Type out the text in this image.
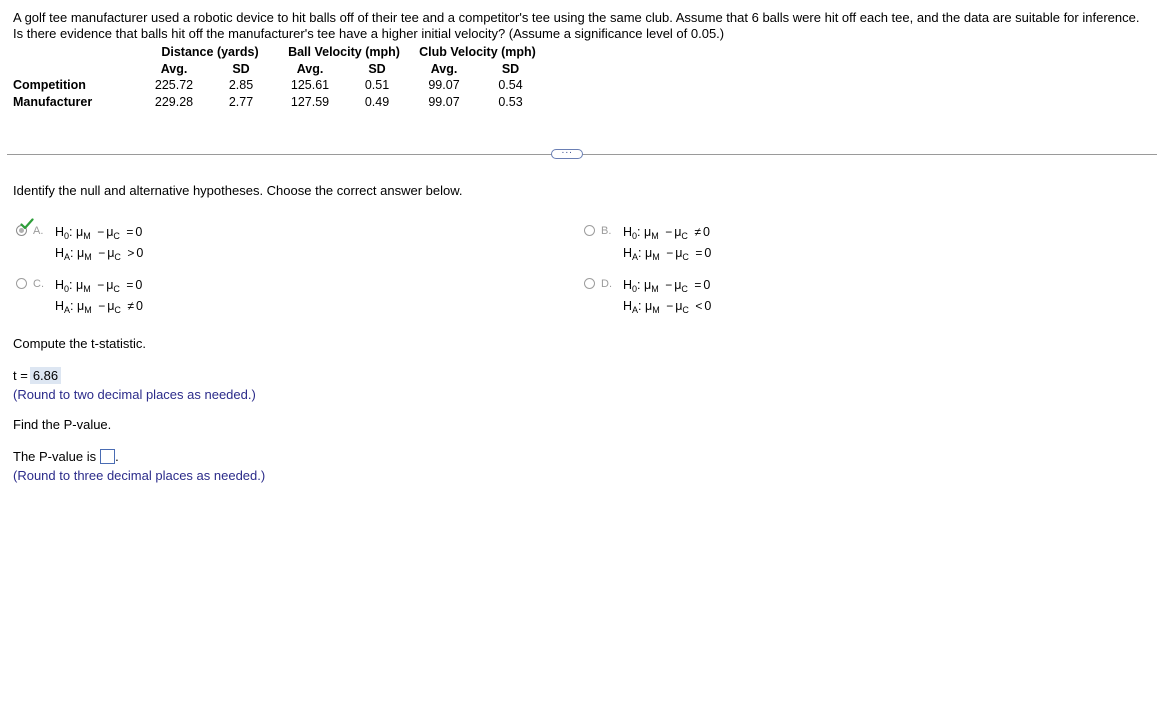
A golf tee manufacturer used a robotic device to hit balls off of their tee and a competitor's tee using the same club. Assume that 6 balls were hit off each tee, and the data are suitable for inference.
Is there evidence that balls hit off the manufacturer's tee have a higher initial velocity? (Assume a significance level of 0.05.)
	Distance (yards)		Ball Velocity (mph)		Club Velocity (mph)	
	Avg.	SD	Avg.	SD	Avg.	SD
Competition	225.72	2.85	125.61	0.51	99.07	0.54
Manufacturer	229.28	2.77	127.59	0.49	99.07	0.53
···
Identify the null and alternative hypotheses. Choose the correct answer below.
A. $H_0$: $\mu_M - \mu_C = 0$
$H_A$: $\mu_M - \mu_C > 0$
B. $H_0$: $\mu_M - \mu_C \ne 0$
$H_A$: $\mu_M - \mu_C = 0$
C. $H_0$: $\mu_M - \mu_C = 0$
$H_A$: $\mu_M - \mu_C \ne 0$
D. $H_0$: $\mu_M - \mu_C = 0$
$H_A$: $\mu_M - \mu_C < 0$
Compute the t-statistic.
t = 6.86
(Round to two decimal places as needed.)
Find the P-value.
The P-value is .
(Round to three decimal places as needed.)
